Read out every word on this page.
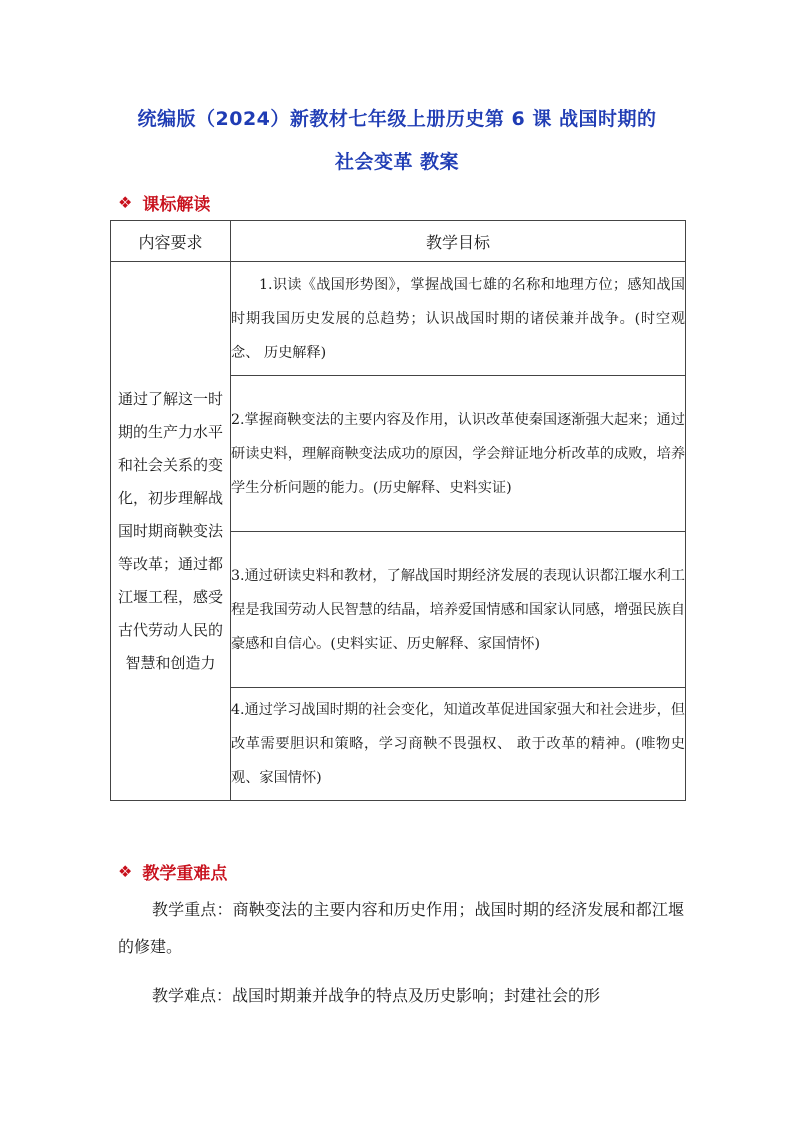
统编版（2024）新教材七年级上册历史第 6 课 战国时期的
社会变革 教案
❖ 课标解读
内容要求	教学目标
通过了解这一时期的生产力水平和社会关系的变化，初步理解战国时期商鞅变法等改革；通过都江堰工程，感受古代劳动人民的智慧和创造力	1.识读《战国形势图》，掌握战国七雄的名称和地理方位；感知战国时期我国历史发展的总趋势；认识战国时期的诸侯兼并战争。(时空观念、 历史解释)
	2.掌握商鞅变法的主要内容及作用，认识改革使秦国逐渐强大起来；通过研读史料，理解商鞅变法成功的原因，学会辩证地分析改革的成败，培养学生分析问题的能力。(历史解释、史料实证)
	3.通过研读史料和教材，了解战国时期经济发展的表现认识都江堰水利工程是我国劳动人民智慧的结晶，培养爱国情感和国家认同感，增强民族自豪感和自信心。(史料实证、历史解释、家国情怀)
	4.通过学习战国时期的社会变化，知道改革促进国家强大和社会进步，但改革需要胆识和策略，学习商鞅不畏强权、 敢于改革的精神。(唯物史观、家国情怀)
❖ 教学重难点
教学重点：商鞅变法的主要内容和历史作用；战国时期的经济发展和都江堰的修建。
教学难点：战国时期兼并战争的特点及历史影响；封建社会的形
